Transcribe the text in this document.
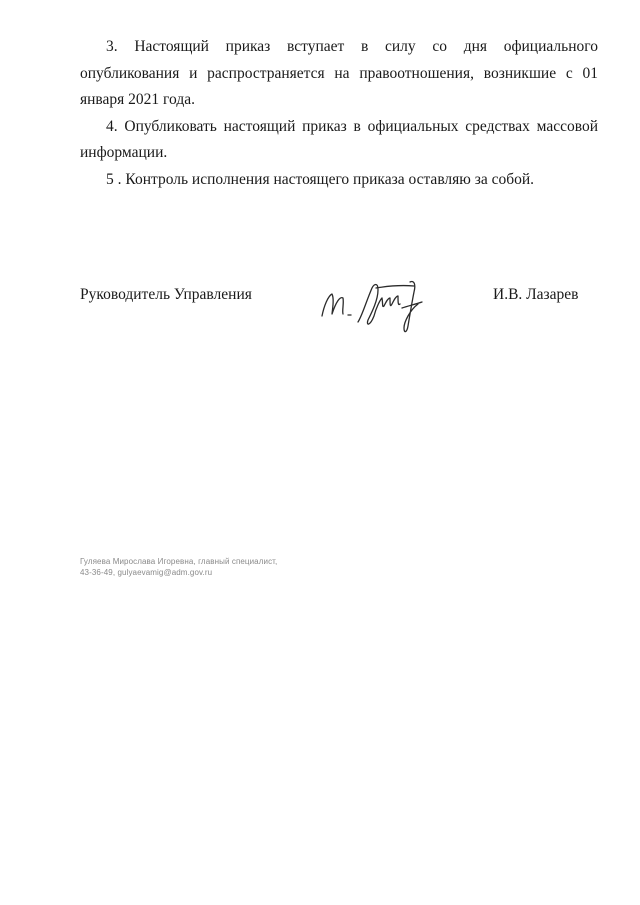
3. Настоящий приказ вступает в силу со дня официального опубликования и распространяется на правоотношения, возникшие с 01 января 2021 года.

4. Опубликовать настоящий приказ в официальных средствах массовой информации.

5 . Контроль исполнения настоящего приказа оставляю за собой.

Руководитель Управления	И.В. Лазарев
Гуляева Мирослава Игоревна, главный специалист,
43-36-49, gulyaevamig@adm.gov.ru
